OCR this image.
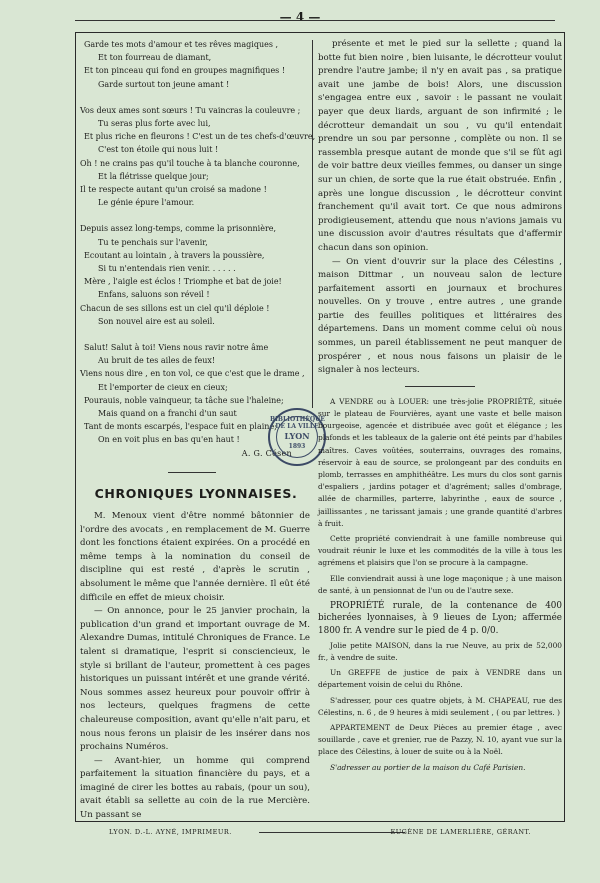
— 4 —
Garde tes mots d'amour et tes rêves magiques ,
Et ton fourreau de diamant,
Et ton pinceau qui fond en groupes magnifiques !
Garde surtout ton jeune amant !
Vos deux ames sont sœurs ! Tu vaincras la couleuvre ;
Tu seras plus forte avec lui,
Et plus riche en fleurons ! C'est un de tes chefs-d'œuvre,
C'est ton étoile qui nous luit !
Oh ! ne crains pas qu'il touche à ta blanche couronne,
Et la flétrisse quelque jour;
Il te respecte autant qu'un croisé sa madone !
Le génie épure l'amour.
Depuis assez long-temps, comme la prisonnière,
Tu te penchais sur l'avenir,
Ecoutant au lointain , à travers la poussière,
Si tu n'entendais rien venir. . . . . .
Mère , l'aigle est éclos ! Triomphe et bat de joie!
Enfans, saluons son réveil !
Chacun de ses sillons est un ciel qu'il déploie !
Son nouvel aire est au soleil.
Salut! Salut à toi! Viens nous ravir notre âme
Au bruit de tes ailes de feux!
Viens nous dire , en ton vol, ce que c'est que le drame ,
Et l'emporter de cieux en cieux;
Pourauis, noble vainqueur, ta tâche sue l'haleine;
Mais quand on a franchi d'un saut
Tant de monts escarpés, l'espace fuit en plaine;
On en voit plus en bas qu'en haut !
A. G. Césen
BIBLIOTHÈQUE DE LA VILLE
LYON
1893
CHRONIQUES LYONNAISES.

M. Menoux vient d'être nommé bâtonnier de l'ordre des avocats , en remplacement de M. Guerre dont les fonctions étaient expirées. On a procédé en même temps à la nomination du conseil de discipline qui est resté , d'après le scrutin , absolument le même que l'année dernière. Il eût été difficile en effet de mieux choisir.

— On annonce, pour le 25 janvier prochain, la publication d'un grand et important ouvrage de M. Alexandre Dumas, intitulé Chroniques de France. Le talent si dramatique, l'esprit si consciencieux, le style si brillant de l'auteur, promettent à ces pages historiques un puissant intérêt et une grande vérité. Nous sommes assez heureux pour pouvoir offrir à nos lecteurs, quelques fragmens de cette chaleureuse composition, avant qu'elle n'ait paru, et nous nous ferons un plaisir de les insérer dans nos prochains Numéros.

— Avant-hier, un homme qui comprend parfaitement la situation financière du pays, et a imaginé de cirer les bottes au rabais, (pour un sou), avait établi sa sellette au coin de la rue Mercière. Un passant se

présente et met le pied sur la sellette ; quand la botte fut bien noire , bien luisante, le décrotteur voulut prendre l'autre jambe; il n'y en avait pas , sa pratique avait une jambe de bois! Alors, une discussion s'engagea entre eux , savoir : le passant ne voulait payer que deux liards, arguant de son infirmité ; le décrotteur demandait un sou , vu qu'il entendait prendre un sou par personne , complète ou non. Il se rassembla presque autant de monde que s'il se fût agi de voir battre deux vieilles femmes, ou danser un singe sur un chien, de sorte que la rue était obstruée. Enfin , après une longue discussion , le décrotteur convint franchement qu'il avait tort. Ce que nous admirons prodigieusement, attendu que nous n'avions jamais vu une discussion avoir d'autres résultats que d'affermir chacun dans son opinion.

— On vient d'ouvrir sur la place des Célestins , maison Dittmar , un nouveau salon de lecture parfaitement assorti en journaux et brochures nouvelles. On y trouve , entre autres , une grande partie des feuilles politiques et littéraires des départemens. Dans un moment comme celui où nous sommes, un pareil établissement ne peut manquer de prospérer , et nous nous faisons un plaisir de le signaler à nos lecteurs.

A VENDRE ou à LOUER: une très-jolie PROPRIÉTÉ, située sur le plateau de Fourvières, ayant une vaste et belle maison bourgeoise, agencée et distribuée avec goût et élégance ; les plafonds et les tableaux de la galerie ont été peints par d'habiles maîtres. Caves voûtées, souterrains, ouvrages des romains, réservoir à eau de source, se prolongeant par des conduits en plomb, terrasses en amphithéâtre. Les murs du clos sont garnis d'espaliers , jardins potager et d'agrément; salles d'ombrage, allée de charmilles, parterre, labyrinthe , eaux de source , jaillissantes , ne tarissant jamais ; une grande quantité d'arbres à fruit.

Cette propriété conviendrait à une famille nombreuse qui voudrait réunir le luxe et les commodités de la ville à tous les agrémens et plaisirs que l'on se procure à la campagne.

Elle conviendrait aussi à une loge maçonique ; à une maison de santé, à un pensionnat de l'un ou de l'autre sexe.

PROPRIÉTÉ rurale, de la contenance de 400 bicherées lyonnaises, à 9 lieues de Lyon; affermée 1800 fr. A vendre sur le pied de 4 p. 0/0.

Jolie petite MAISON, dans la rue Neuve, au prix de 52,000 fr., à vendre de suite.

Un GREFFE de justice de paix à VENDRE dans un département voisin de celui du Rhône.

S'adresser, pour ces quatre objets, à M. CHAPEAU, rue des Célestins, n. 6 , de 9 heures à midi seulement , ( ou par lettres. )

APPARTEMENT de Deux Pièces au premier étage , avec souillarde , cave et grenier, rue de Pazzy, N. 10, ayant vue sur la place des Célestins, à louer de suite ou à la Noël.

S'adresser au portier de la maison du Café Parisien.

LYON. D.-L. AYNÉ, IMPRIMEUR.	EUGÈNE DE LAMERLIÈRE, GÉRANT.
